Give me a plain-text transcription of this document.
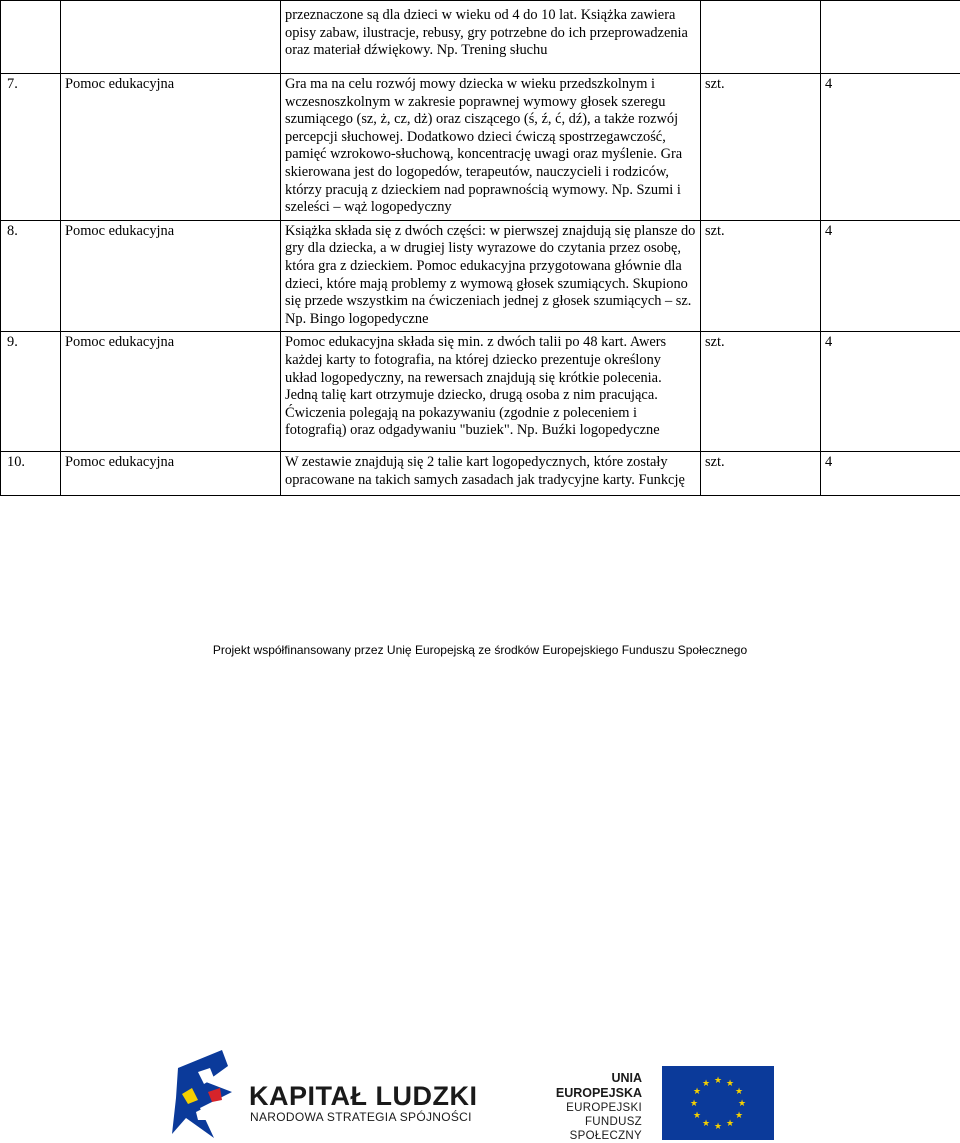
		przeznaczone są dla dzieci w wieku od 4 do 10 lat. Książka zawiera opisy zabaw, ilustracje, rebusy, gry potrzebne do ich przeprowadzenia oraz materiał dźwiękowy. Np. Trening słuchu		
7.	Pomoc edukacyjna	Gra ma na celu rozwój mowy dziecka w wieku przedszkolnym i wczesnoszkolnym w zakresie poprawnej wymowy głosek szeregu szumiącego (sz, ż, cz, dż) oraz ciszącego (ś, ź, ć, dź), a także rozwój percepcji słuchowej. Dodatkowo dzieci ćwiczą spostrzegawczość, pamięć wzrokowo-słuchową, koncentrację uwagi oraz myślenie. Gra skierowana jest do logopedów, terapeutów, nauczycieli i rodziców, którzy pracują z dzieckiem nad poprawnością wymowy. Np. Szumi i szeleści – wąż logopedyczny	szt.	4
8.	Pomoc edukacyjna	Książka składa się z dwóch części: w pierwszej znajdują się plansze do gry dla dziecka, a w drugiej listy wyrazowe do czytania przez osobę, która gra z dzieckiem. Pomoc edukacyjna przygotowana głównie dla dzieci, które mają problemy z wymową głosek szumiących. Skupiono się przede wszystkim na ćwiczeniach jednej z głosek szumiących – sz. Np. Bingo logopedyczne	szt.	4
9.	Pomoc edukacyjna	Pomoc edukacyjna składa się min. z dwóch talii po 48 kart. Awers każdej karty to fotografia, na której dziecko prezentuje określony układ logopedyczny, na rewersach znajdują się krótkie polecenia. Jedną talię kart otrzymuje dziecko, drugą osoba z nim pracująca. Ćwiczenia polegają na pokazywaniu (zgodnie z poleceniem i fotografią) oraz odgadywaniu "buziek". Np. Buźki logopedyczne	szt.	4
10.	Pomoc edukacyjna	W zestawie znajdują się 2 talie kart logopedycznych, które zostały opracowane na takich samych zasadach jak tradycyjne karty. Funkcję	szt.	4
KAPITAŁ LUDZKI
NARODOWA STRATEGIA SPÓJNOŚCI
UNIA EUROPEJSKA
EUROPEJSKI
FUNDUSZ SPOŁECZNY
★ ★
★
★
★
★
★
★
★
★
★
★
Projekt współfinansowany przez Unię Europejską ze środków Europejskiego Funduszu Społecznego
